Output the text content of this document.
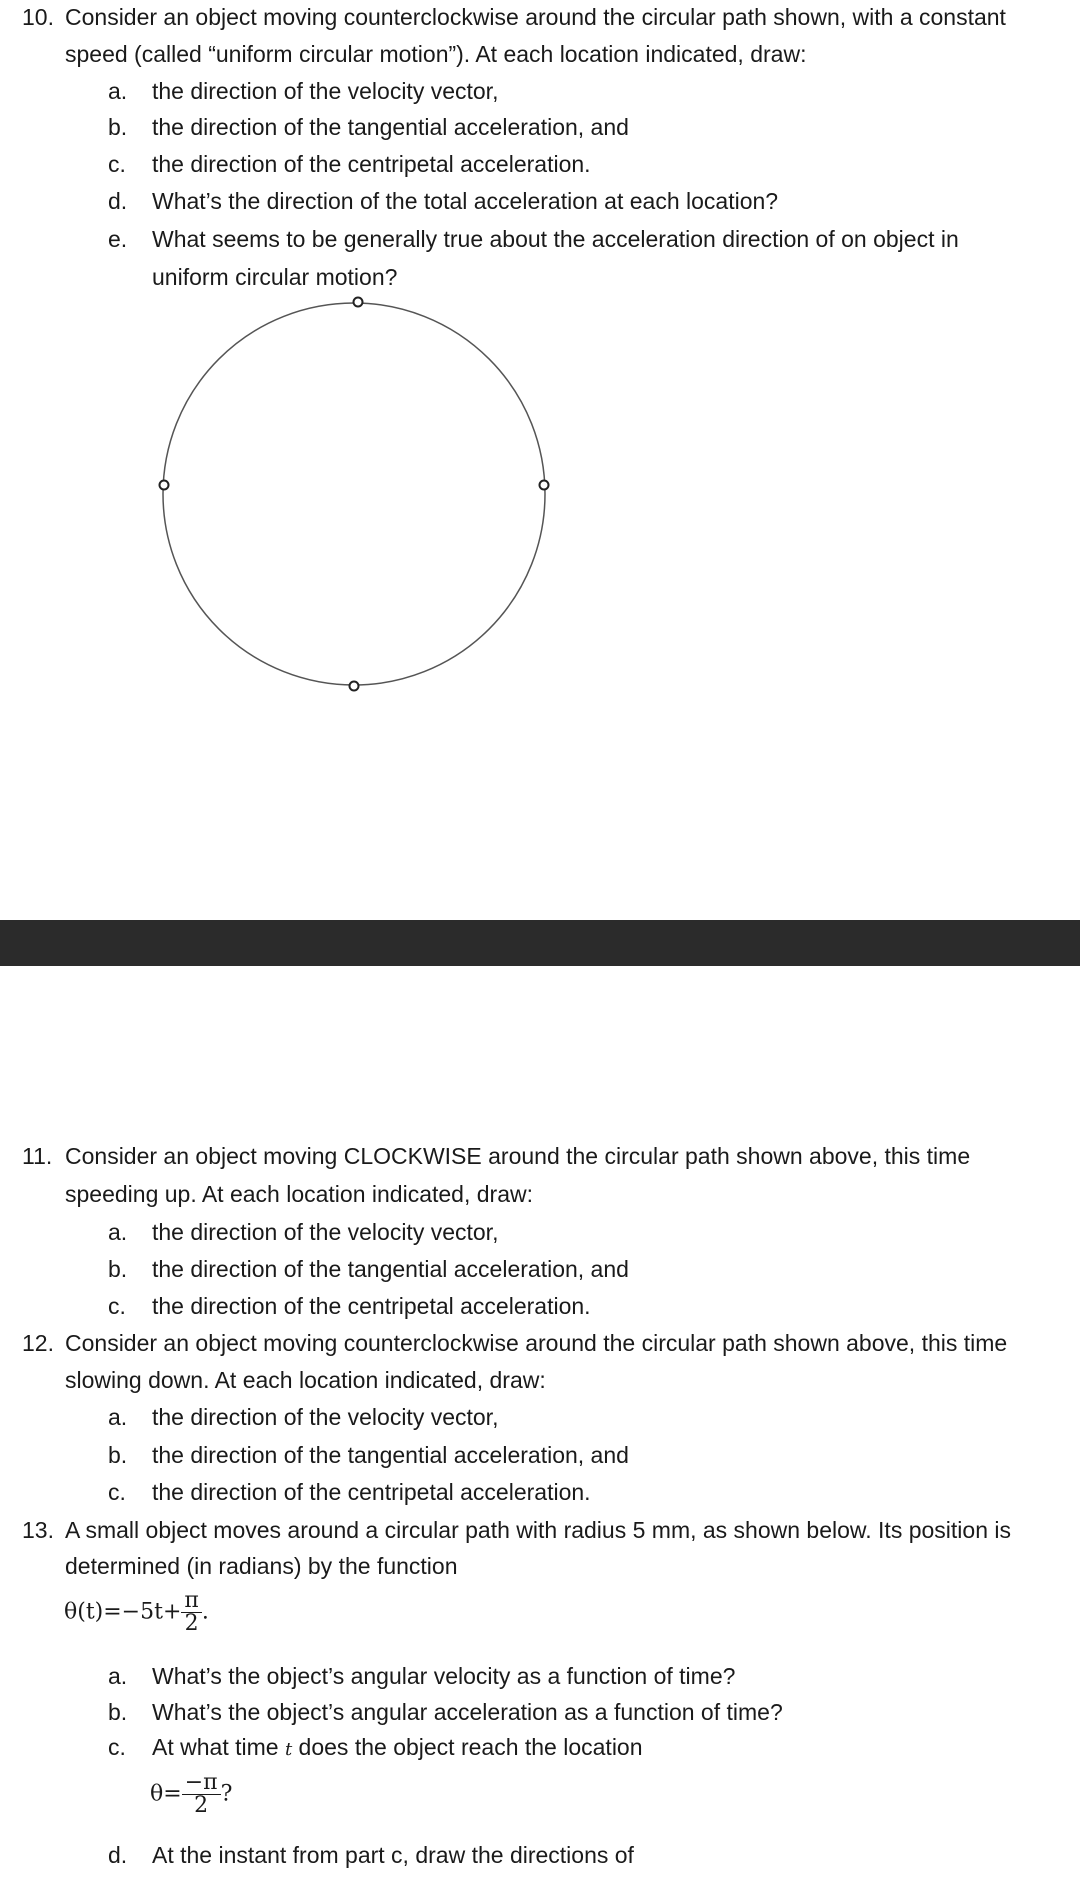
10. Consider an object moving counterclockwise around the circular path shown, with a constant
speed (called “uniform circular motion”). At each location indicated, draw:
a. the direction of the velocity vector,
b. the direction of the tangential acceleration, and
c. the direction of the centripetal acceleration.
d. What’s the direction of the total acceleration at each location?
e. What seems to be generally true about the acceleration direction of on object in
uniform circular motion?
11. Consider an object moving CLOCKWISE around the circular path shown above, this time
speeding up. At each location indicated, draw:
a. the direction of the velocity vector,
b. the direction of the tangential acceleration, and
c. the direction of the centripetal acceleration.
12. Consider an object moving counterclockwise around the circular path shown above, this time
slowing down. At each location indicated, draw:
a. the direction of the velocity vector,
b. the direction of the tangential acceleration, and
c. the direction of the centripetal acceleration.
13. A small object moves around a circular path with radius 5 mm, as shown below. Its position is
determined (in radians) by the function
$\theta(t)=-5t+ \frac{\pi}{2}$ .
a. What’s the object’s angular velocity as a function of time?
b. What’s the object’s angular acceleration as a function of time?
c. At what time t does the object reach the location
$\theta= \frac{-\pi}{2}$ ?
d. At the instant from part c, draw the directions of
